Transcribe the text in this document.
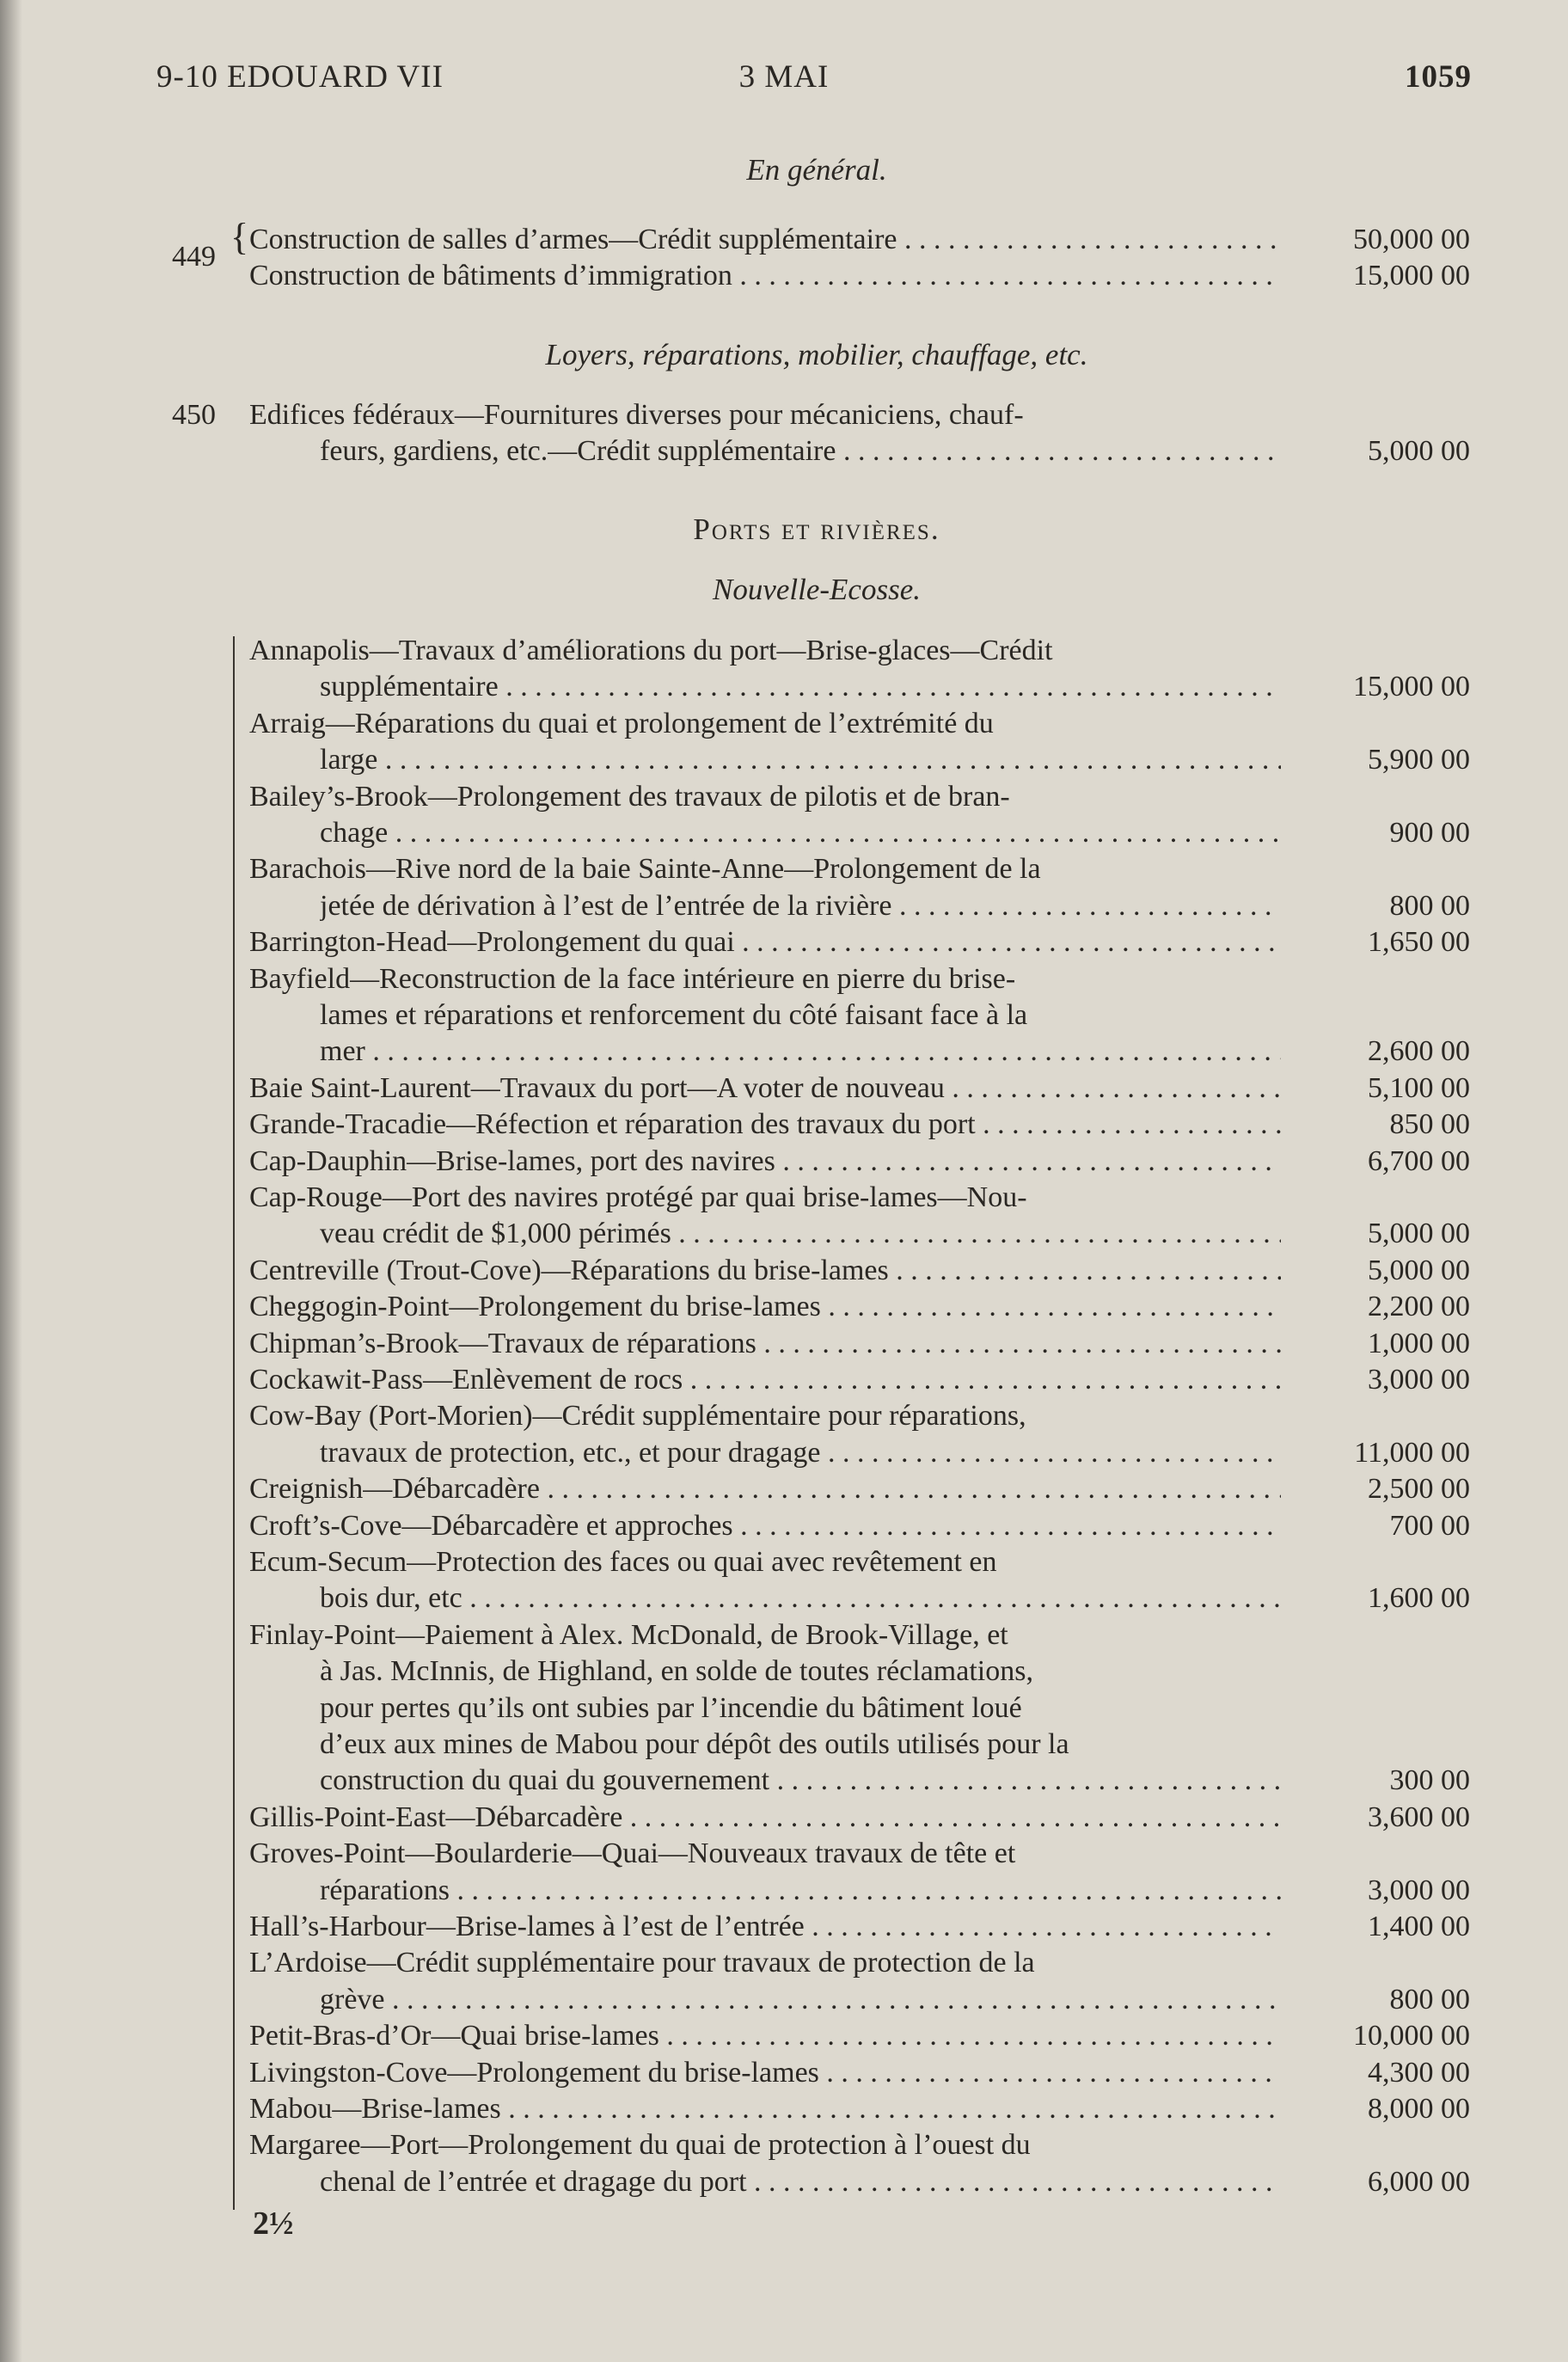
9-10 EDOUARD VII	3 MAI	1059
En général.
449 { Construction de salles d’armes—Crédit supplémentaire . . .	50,000 00
Construction de bâtiments d’immigration . . .	15,000 00
Loyers, réparations, mobilier, chauffage, etc.
450 Edifices fédéraux—Fournitures diverses pour mécaniciens, chauf-
feurs, gardiens, etc.—Crédit supplémentaire . . .	5,000 00
Ports et rivières.
Nouvelle-Ecosse.
Annapolis—Travaux d’améliorations du port—Brise-glaces—Crédit
supplémentaire . . .	15,000 00
Arraig—Réparations du quai et prolongement de l’extrémité du
large . . .	5,900 00
Bailey’s-Brook—Prolongement des travaux de pilotis et de bran-
chage . . .	900 00
Barachois—Rive nord de la baie Sainte-Anne—Prolongement de la
jetée de dérivation à l’est de l’entrée de la rivière . . .	800 00
Barrington-Head—Prolongement du quai . . .	1,650 00
Bayfield—Reconstruction de la face intérieure en pierre du brise-
lames et réparations et renforcement du côté faisant face à la
mer . . .	2,600 00
Baie Saint-Laurent—Travaux du port—A voter de nouveau . . .	5,100 00
Grande-Tracadie—Réfection et réparation des travaux du port . . .	850 00
Cap-Dauphin—Brise-lames, port des navires . . .	6,700 00
Cap-Rouge—Port des navires protégé par quai brise-lames—Nou-
veau crédit de $1,000 périmés . . .	5,000 00
Centreville (Trout-Cove)—Réparations du brise-lames . . .	5,000 00
Cheggogin-Point—Prolongement du brise-lames . . .	2,200 00
Chipman’s-Brook—Travaux de réparations . . .	1,000 00
Cockawit-Pass—Enlèvement de rocs . . .	3,000 00
Cow-Bay (Port-Morien)—Crédit supplémentaire pour réparations,
travaux de protection, etc., et pour dragage . . .	11,000 00
Creignish—Débarcadère . . .	2,500 00
Croft’s-Cove—Débarcadère et approches . . .	700 00
Ecum-Secum—Protection des faces ou quai avec revêtement en
bois dur, etc . . .	1,600 00
Finlay-Point—Paiement à Alex. McDonald, de Brook-Village, et
à Jas. McInnis, de Highland, en solde de toutes réclamations,
pour pertes qu’ils ont subies par l’incendie du bâtiment loué
d’eux aux mines de Mabou pour dépôt des outils utilisés pour la
construction du quai du gouvernement . . .	300 00
Gillis-Point-East—Débarcadère . . .	3,600 00
Groves-Point—Boularderie—Quai—Nouveaux travaux de tête et
réparations . . .	3,000 00
Hall’s-Harbour—Brise-lames à l’est de l’entrée . . .	1,400 00
L’Ardoise—Crédit supplémentaire pour travaux de protection de la
grève . . .	800 00
Petit-Bras-d’Or—Quai brise-lames . . .	10,000 00
Livingston-Cove—Prolongement du brise-lames . . .	4,300 00
Mabou—Brise-lames . . .	8,000 00
Margaree—Port—Prolongement du quai de protection à l’ouest du
chenal de l’entrée et dragage du port . . .	6,000 00
2½
